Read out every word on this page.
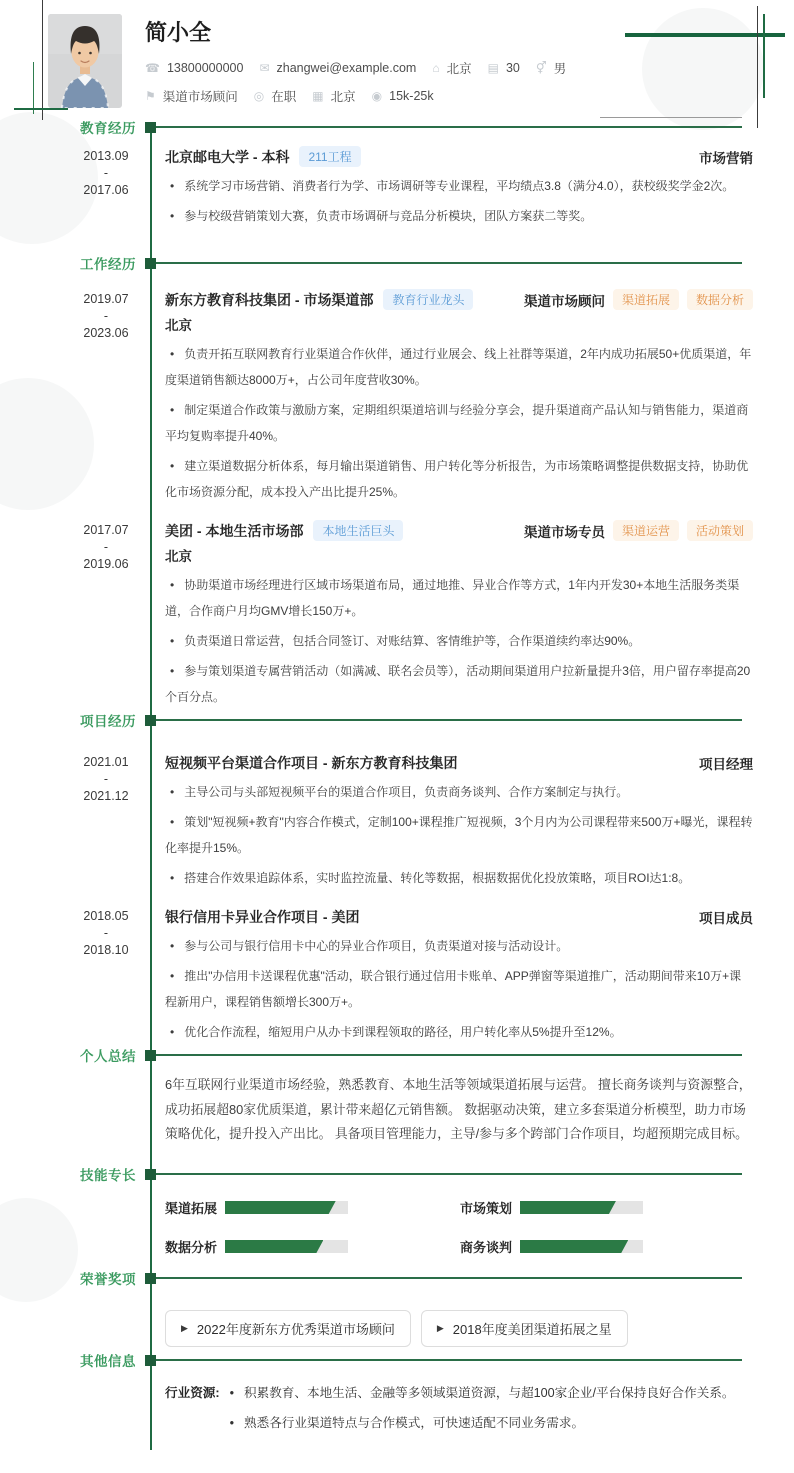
简小全
☎ 13800000000 ✉ zhangwei@example.com ⌂ 北京 ▤ 30 ⚥ 男
⚑ 渠道市场顾问 ◎ 在职 ▦ 北京 ◉ 15k-25k
教育经历
2013.09
-
2017.06
北京邮电大学 - 本科	211工程	市场营销
• 系统学习市场营销、消费者行为学、市场调研等专业课程，平均绩点3.8（满分4.0），获校级奖学金2次。
• 参与校级营销策划大赛，负责市场调研与竞品分析模块，团队方案获二等奖。
工作经历
2019.07
-
2023.06
新东方教育科技集团 - 市场渠道部	教育行业龙头	渠道市场顾问	渠道拓展	数据分析
北京
• 负责开拓互联网教育行业渠道合作伙伴，通过行业展会、线上社群等渠道，2年内成功拓展50+优质渠道，年度渠道销售额达8000万+，占公司年度营收30%。
• 制定渠道合作政策与激励方案，定期组织渠道培训与经验分享会，提升渠道商产品认知与销售能力，渠道商平均复购率提升40%。
• 建立渠道数据分析体系，每月输出渠道销售、用户转化等分析报告，为市场策略调整提供数据支持，协助优化市场资源分配，成本投入产出比提升25%。
2017.07
-
2019.06
美团 - 本地生活市场部	本地生活巨头	渠道市场专员	渠道运营	活动策划
北京
• 协助渠道市场经理进行区域市场渠道布局，通过地推、异业合作等方式，1年内开发30+本地生活服务类渠道，合作商户月均GMV增长150万+。
• 负责渠道日常运营，包括合同签订、对账结算、客情维护等，合作渠道续约率达90%。
• 参与策划渠道专属营销活动（如满减、联名会员等），活动期间渠道用户拉新量提升3倍，用户留存率提高20个百分点。
项目经历
2021.01
-
2021.12
短视频平台渠道合作项目 - 新东方教育科技集团	项目经理
• 主导公司与头部短视频平台的渠道合作项目，负责商务谈判、合作方案制定与执行。
• 策划"短视频+教育"内容合作模式，定制100+课程推广短视频，3个月内为公司课程带来500万+曝光，课程转化率提升15%。
• 搭建合作效果追踪体系，实时监控流量、转化等数据，根据数据优化投放策略，项目ROI达1:8。
2018.05
-
2018.10
银行信用卡异业合作项目 - 美团	项目成员
• 参与公司与银行信用卡中心的异业合作项目，负责渠道对接与活动设计。
• 推出"办信用卡送课程优惠"活动，联合银行通过信用卡账单、APP弹窗等渠道推广，活动期间带来10万+课程新用户，课程销售额增长300万+。
• 优化合作流程，缩短用户从办卡到课程领取的路径，用户转化率从5%提升至12%。
个人总结

6年互联网行业渠道市场经验，熟悉教育、本地生活等领域渠道拓展与运营。 擅长商务谈判与资源整合，成功拓展超80家优质渠道，累计带来超亿元销售额。 数据驱动决策，建立多套渠道分析模型，助力市场策略优化，提升投入产出比。 具备项目管理能力，主导/参与多个跨部门合作项目，均超预期完成目标。

技能专长
渠道拓展	市场策划
数据分析	商务谈判
荣誉奖项
▶ 2022年度新东方优秀渠道市场顾问	▶ 2018年度美团渠道拓展之星
其他信息
行业资源:	• 积累教育、本地生活、金融等多领域渠道资源，与超100家企业/平台保持良好合作关系。
• 熟悉各行业渠道特点与合作模式，可快速适配不同业务需求。
